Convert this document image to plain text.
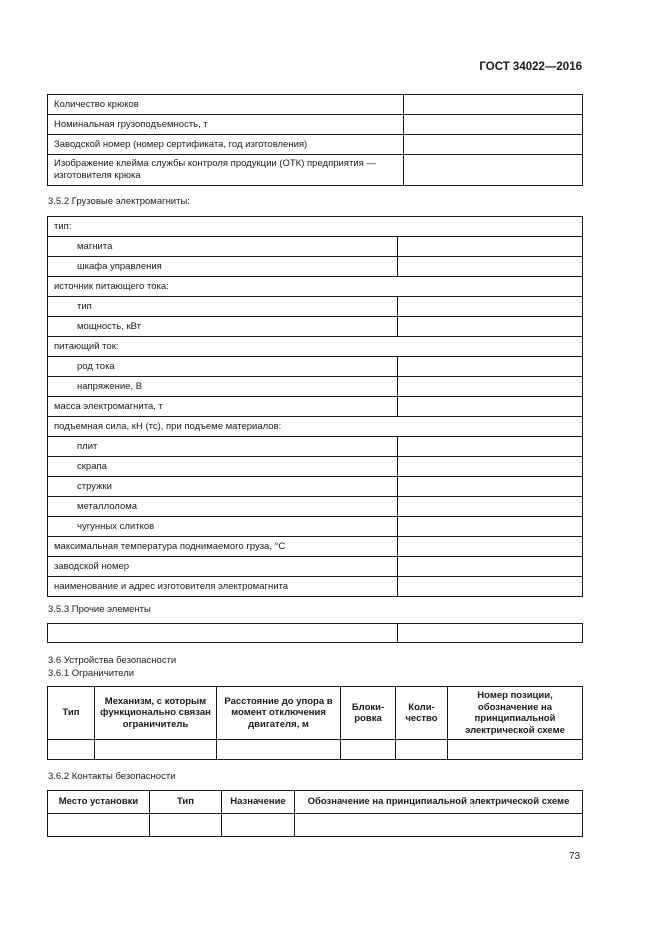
ГОСТ 34022—2016
Количество крюков	
Номинальная грузоподъемность, т	
Заводской номер (номер сертификата, год изготовления)	
Изображение клейма службы контроля продукции (ОТК) предприятия — изготовителя крюка	
3.5.2 Грузовые электромагниты:
тип:	
магнита	
шкафа управления	
источник питающего тока:	
тип	
мощность, кВт	
питающий ток:	
род тока	
напряжение, В	
масса электромагнита, т	
подъемная сила, кН (тс), при подъеме материалов:	
плит	
скрапа	
стружки	
металлолома	
чугунных слитков	
максимальная температура поднимаемого груза, °С	
заводской номер	
наименование и адрес изготовителя электромагнита	
3.5.3 Прочие элементы

3.6 Устройства безопасности
3.6.1 Ограничители
Тип	Механизм, с которым функционально связан ограничитель	Расстояние до упора в момент отключения двигателя, м	Блоки-ровка	Коли-чество	Номер позиции, обозначение на принципиальной электрической схеме

3.6.2 Контакты безопасности
Место установки	Тип	Назначение	Обозначение на принципиальной электрической схеме

73
